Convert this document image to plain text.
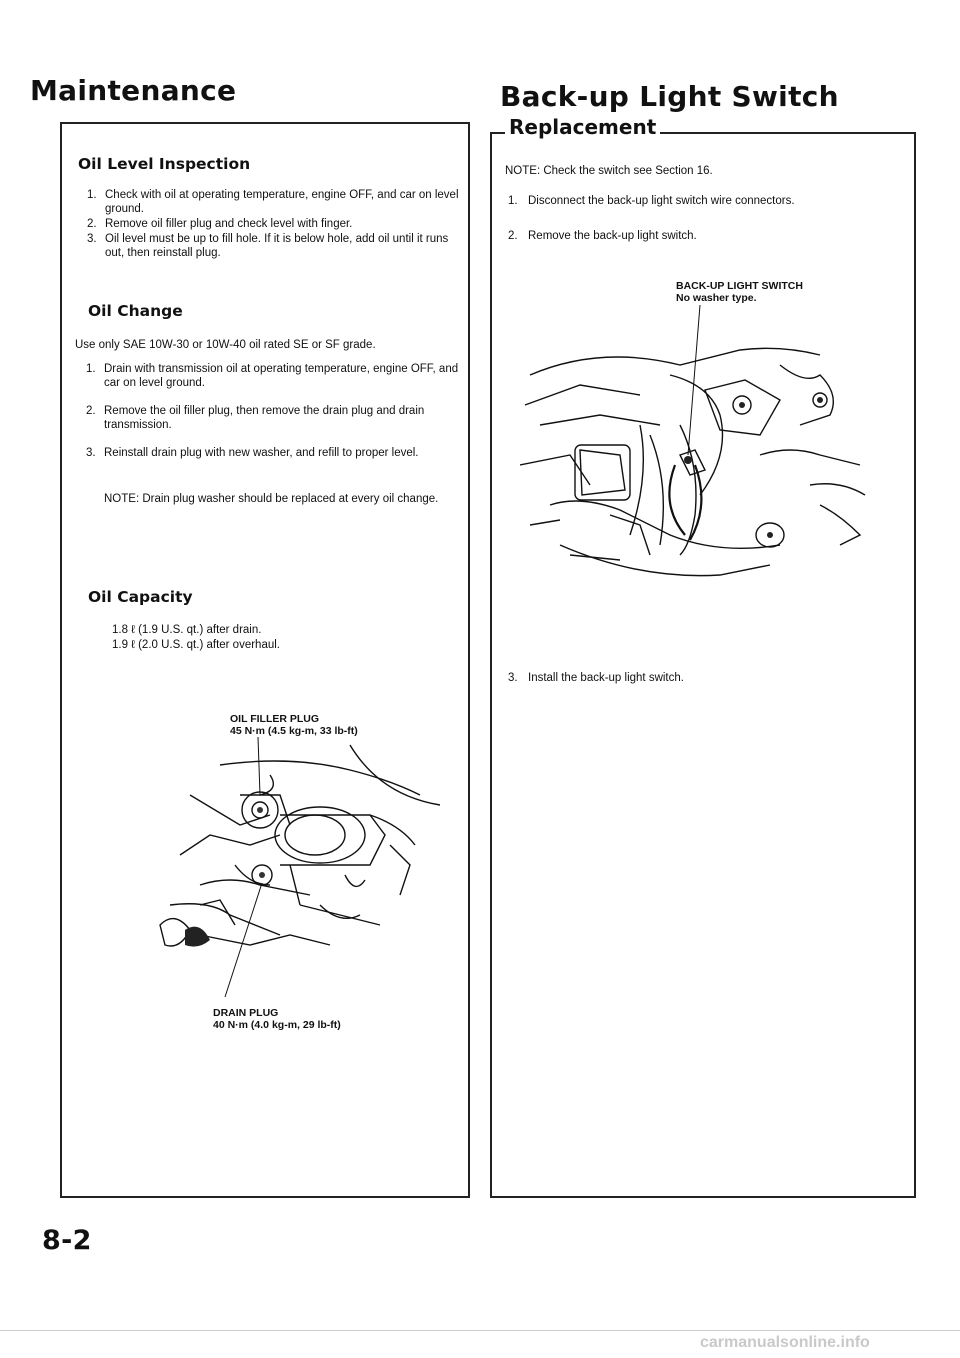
Maintenance	Back-up Light Switch
Oil Level Inspection
1. Check with oil at operating temperature, engine OFF, and car on level ground.
2. Remove oil filler plug and check level with finger.
3. Oil level must be up to fill hole. If it is below hole, add oil until it runs out, then reinstall plug.
Oil Change
Use only SAE 10W-30 or 10W-40 oil rated SE or SF grade.
1. Drain with transmission oil at operating temperature, engine OFF, and car on level ground.
2. Remove the oil filler plug, then remove the drain plug and drain transmission.
3. Reinstall drain plug with new washer, and refill to proper level.
NOTE: Drain plug washer should be replaced at every oil change.
Oil Capacity
1.8 ℓ (1.9 U.S. qt.) after drain.
1.9 ℓ (2.0 U.S. qt.) after overhaul.
OIL FILLER PLUG
45 N·m (4.5 kg-m, 33 lb-ft)
DRAIN PLUG
40 N·m (4.0 kg-m, 29 lb-ft)
8-2
Replacement
NOTE: Check the switch see Section 16.
1. Disconnect the back-up light switch wire connectors.
2. Remove the back-up light switch.
BACK-UP LIGHT SWITCH
No washer type.
3. Install the back-up light switch.
carmanualsonline.info
